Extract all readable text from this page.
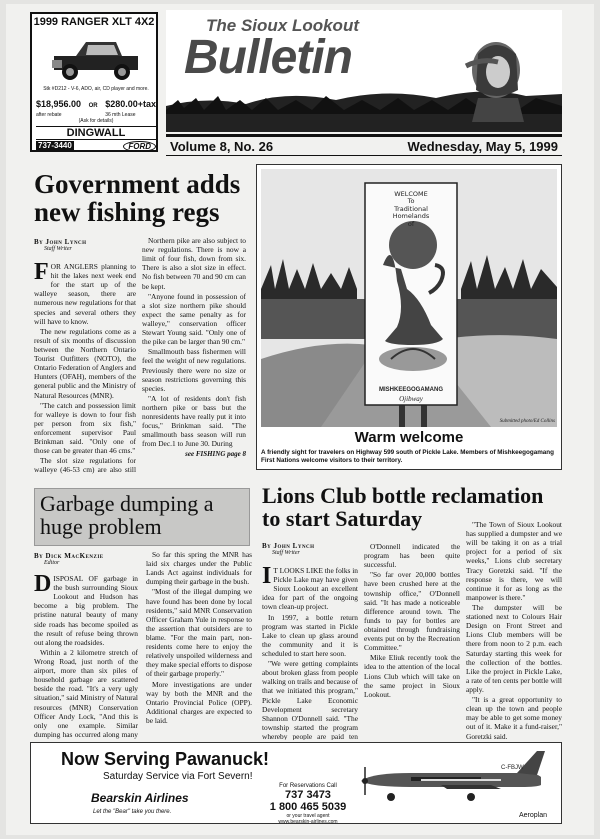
1999 RANGER XLT 4X2
Stk #D212 - V-6, ADO, air, CD player and more.
$18,956.00
after rebate
OR $280.00+tax
36 mth Lease
(Ask for details)
DINGWALL
737-3440	FORD
The Sioux Lookout
Bulletin
Volume 8, No. 26	Wednesday, May 5, 1999
Government adds new fishing regs
By John Lynch
Staff Writer

FOR ANGLERS planning to hit the lakes next week end for the start up of the walleye season, there are numerous new regulations for that species and several others they will have to know.

The new regulations come as a result of six months of discussion between the Northern Ontario Tourist Outfitters (NOTO), the Ontario Federation of Anglers and Hunters (OFAH), members of the general public and the Ministry of Natural Resources (MNR).

"The catch and possession limit for walleye is down to four fish per person from six fish," enforcement supervisor Paul Brinkman said. "Only one of those can be greater than 46 cms."

The slot size regulations for walleye (46-53 cm) are also still

Northern pike are also subject to new regulations. There is now a limit of four fish, down from six. There is also a slot size in effect. No fish between 70 and 90 cm can be kept.

"Anyone found in possession of a slot size northern pike should expect the same penalty as for walleye," conservation officer Stewart Young said. "Only one of the pike can be larger than 90 cm."

Smallmouth bass fishermen will feel the weight of new regulations. Previously there were no size or season restrictions governing this species.

"A lot of residents don't fish northern pike or bass but the nonresidents have really put it into focus," Brinkman said. "The smallmouth bass season will run from Dec.1 to June 30. During

see FISHING page 8
WELCOME
To
Traditional Homelands
of
MISHKEEGOGAMANG
Ojibway
Submitted photo/Ed Collins
Warm welcome
A friendly sight for travelers on Highway 599 south of Pickle Lake. Members of Mishkeegogamang First Nations welcome visitors to their territory.
Garbage dumping a huge problem
By Dick MacKenzie
Editor

DISPOSAL OF garbage in the bush surrounding Sioux Lookout and Hudson has become a big problem. The pristine natural beauty of many side roads has become spoiled as the result of refuse being thrown out along the roadsides.

Within a 2 kilometre stretch of Wrong Road, just north of the airport, more than six piles of household garbage are scattered beside the road. "It's a very ugly situation," said Ministry of Natural resources (MNR) Conservation Officer Andy Lock, "And this is only one example. Similar dumping has occurred along many

So far this spring the MNR has laid six charges under the Public Lands Act against individuals for dumping their garbage in the bush.

"Most of the illegal dumping we have found has been done by local residents," said MNR Conservation Officer Graham Yule in response to the assertion that outsiders are to blame. "For the main part, non-residents come here to enjoy the relatively unspoiled wilderness and they make special efforts to dispose of their garbage properly."

More investigations are under way by both the MNR and the Ontario Provincial Police (OPP). Additional charges are expected to be laid.

Lions Club bottle reclamation to start Saturday
By John Lynch
Staff Writer

I T LOOKS LIKE the folks in Pickle Lake may have given Sioux Lookout an excellent idea for part of the ongoing town clean-up project.

In 1997, a bottle return program was started in Pickle Lake to clean up glass around the community and it is scheduled to start here soon.

"We were getting complaints about broken glass from people walking on trails and because of that we initiated this program," Pickle Lake Economic Development secretary Shannon O'Donnell said. "The township started the program whereby people are paid ten

O'Donnell indicated the program has been quite successful.

"So far over 20,000 bottles have been crushed here at the township office," O'Donnell said. "It has made a noticeable difference around town. The funds to pay for bottles are obtained through fundraising events put on by the Recreation Committee."

Mike Eliuk recently took the idea to the attention of the local Lions Club which will take on the same project in Sioux Lookout.

"The Town of Sioux Lookout has supplied a dumpster and we will be taking it on as a trial project for a period of six weeks," Lions club secretary Tracy Goretzki said. "If the response is there, we will continue it for as long as the manpower is there."

The dumpster will be stationed next to Colours Hair Design on Front Street and Lions Club members will be there from noon to 2 p.m. each Saturday starting this week for the collection of the bottles. Like the project in Pickle Lake, a rate of ten cents per bottle will apply.

"It is a great opportunity to clean up the town and people may be able to get some money out of it. Make it a fund-raiser," Goretzki said.

Now Serving Pawanuck!
Saturday Service via Fort Severn!
Bearskin Airlines
Let the "Bear" take you there.
For Reservations Call
737 3473
1 800 465 5039
or your travel agent
www.bearskin-airlines.com
C-FBJW
Aeroplan
